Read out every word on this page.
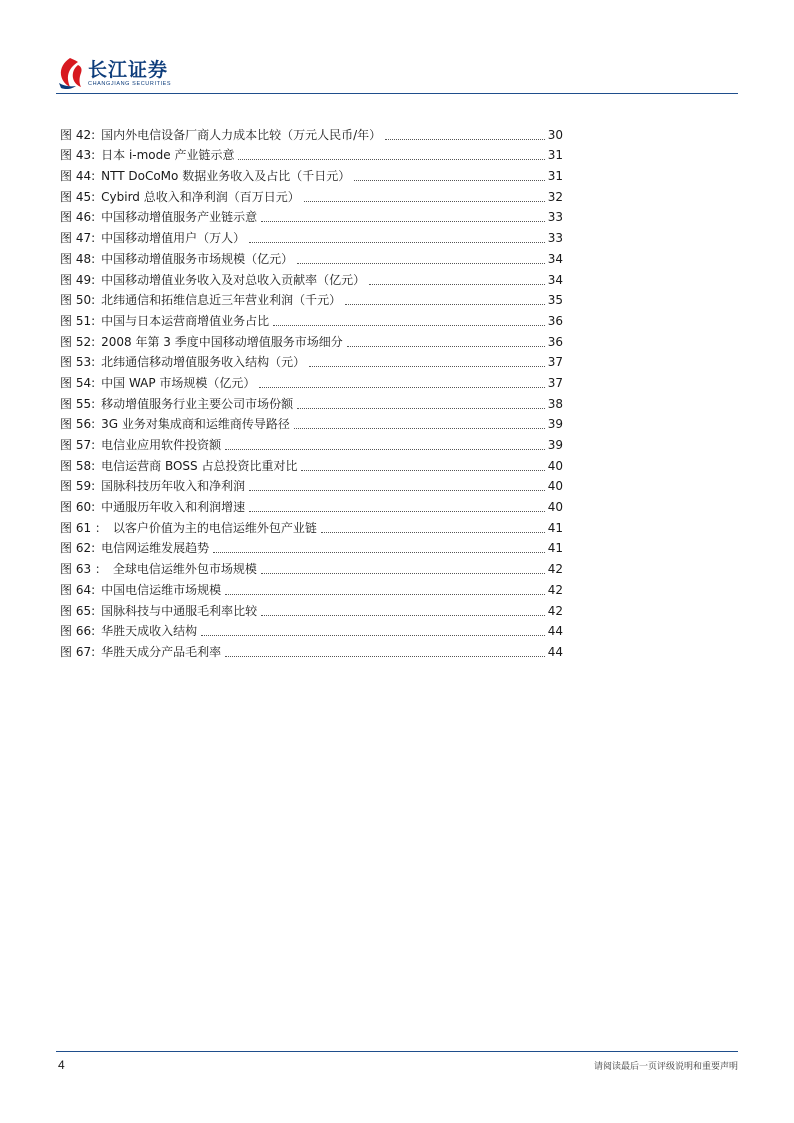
长江证券
CHANGJIANG SECURITIES
图 42: 国内外电信设备厂商人力成本比较（万元人民币/年）	30
图 43: 日本 i-mode 产业链示意	31
图 44: NTT DoCoMo 数据业务收入及占比（千日元）	31
图 45: Cybird 总收入和净利润（百万日元）	32
图 46: 中国移动增值服务产业链示意	33
图 47: 中国移动增值用户（万人）	33
图 48: 中国移动增值服务市场规模（亿元）	34
图 49: 中国移动增值业务收入及对总收入贡献率（亿元）	34
图 50: 北纬通信和拓维信息近三年营业利润（千元）	35
图 51: 中国与日本运营商增值业务占比	36
图 52: 2008 年第 3 季度中国移动增值服务市场细分	36
图 53: 北纬通信移动增值服务收入结构（元）	37
图 54: 中国 WAP 市场规模（亿元）	37
图 55: 移动增值服务行业主要公司市场份额	38
图 56: 3G 业务对集成商和运维商传导路径	39
图 57: 电信业应用软件投资额	39
图 58: 电信运营商 BOSS 占总投资比重对比	40
图 59: 国脉科技历年收入和净利润	40
图 60: 中通服历年收入和利润增速	40
图 61 ： 以客户价值为主的电信运维外包产业链	41
图 62: 电信网运维发展趋势	41
图 63 ： 全球电信运维外包市场规模	42
图 64: 中国电信运维市场规模	42
图 65: 国脉科技与中通服毛利率比较	42
图 66: 华胜天成收入结构	44
图 67: 华胜天成分产品毛利率	44
4	请阅读最后一页评级说明和重要声明
